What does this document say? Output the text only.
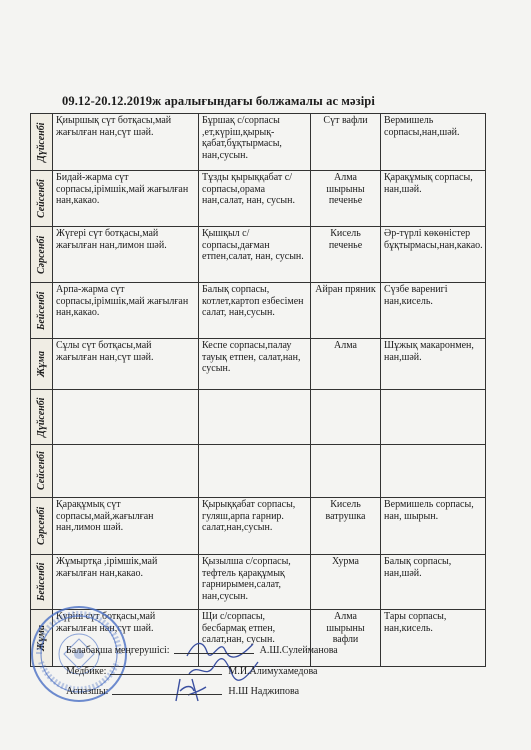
09.12-20.12.2019ж аралығындағы болжамалы ас мәзірі
Дүйсенбі	Қиыршық сүт ботқасы,май жағылған нан,сүт шәй.	Бұршақ с/сорпасы ,ет,күріш,қырық-қабат,бұқтырмасы, нан,сусын.	Сүт вафли	Вермишель сорпасы,нан,шәй.

Сейсенбі	Бидай-жарма сүт сорпасы,ірімшік,май жағылған нан,какао.	Тұзды қырыққабат с/сорпасы,орама нан,салат, нан, сусын.	Алма шырыны печенье	Қарақұмық сорпасы, нан,шәй.

Сәрсенбі	Жүгері сүт ботқасы,май жағылған нан,лимон шәй.	Қышқыл с/сорпасы,дағман етпен,салат, нан, сусын.	Кисель печенье	Әр-түрлі көкөністер бұқтырмасы,нан,какао.

Бейсенбі	Арпа-жарма сүт сорпасы,ірімшік,май жағылған нан,какао.	Балық сорпасы, котлет,картоп езбесімен салат, нан,сусын.	Айран пряник	Сүзбе варенигі нан,кисель.

Жұма	Сұлы сүт ботқасы,май жағылған нан,сүт шәй.	Кеспе сорпасы,палау тауық етпен, салат,нан, сусын.	Алма	Шұжық макаронмен, нан,шәй.

Дүйсенбі				

Сейсенбі				

Сәрсенбі	Қарақұмық сүт сорпасы,май,жағылған нан,лимон шәй.	Қырыққабат сорпасы, гуляш,арпа гарнир. салат,нан,сусын.	Кисель ватрушка	Вермишель сорпасы, нан, шырын.

Бейсенбі	Жұмыртқа ,ірімшік,май жағылған нан,какао.	Қызылша с/сорпасы, тефтель қарақұмық гарнирымен,салат, нан,сусын.	Хурма	Балық сорпасы, нан,шәй.

Жұма	Күріш сүт ботқасы,май жағылған нан,сүт шәй.	Щи с/сорпасы, бесбармақ етпен, салат,нан, сусын.	Алма шырыны вафли	Тары сорпасы, нан,кисель.
Балабақша меңгерушісі:	А.Ш.Сулейманова
Медбике:	М.И.Алимухамедова
Аспазшы:	Н.Ш Наджипова
